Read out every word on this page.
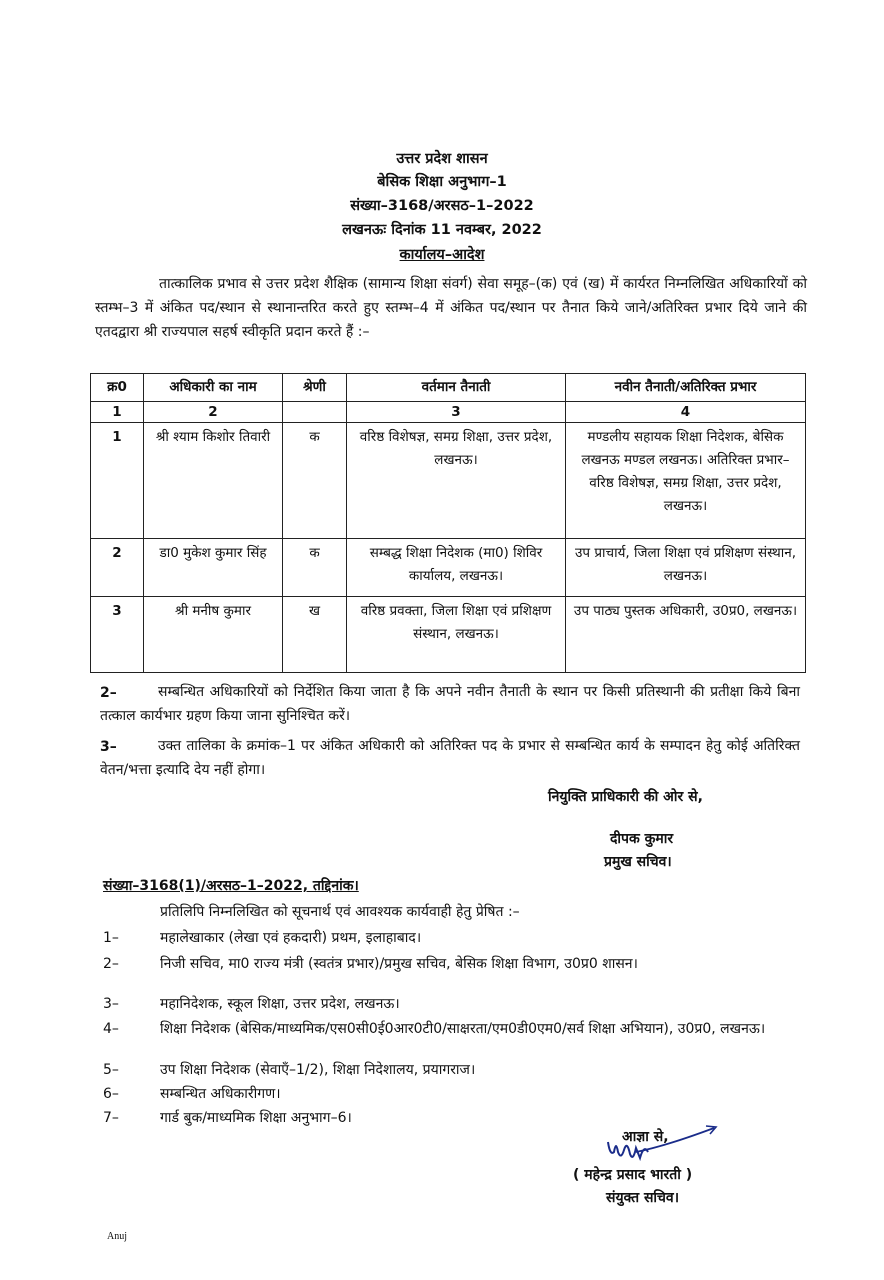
उत्तर प्रदेश शासन
बेसिक शिक्षा अनुभाग–1
संख्या–3168/अरसठ–1–2022
लखनऊः दिनांक 11 नवम्बर, 2022
कार्यालय–आदेश
तात्कालिक प्रभाव से उत्तर प्रदेश शैक्षिक (सामान्य शिक्षा संवर्ग) सेवा समूह–(क) एवं (ख) में कार्यरत निम्नलिखित अधिकारियों को स्तम्भ–3 में अंकित पद/स्थान से स्थानान्तरित करते हुए स्तम्भ–4 में अंकित पद/स्थान पर तैनात किये जाने/अतिरिक्त प्रभार दिये जाने की एतदद्वारा श्री राज्यपाल सहर्ष स्वीकृति प्रदान करते हैं :–
क्र0	अधिकारी का नाम	श्रेणी	वर्तमान तैनाती	नवीन तैनाती/अतिरिक्त प्रभार
1	2		3	4
1	श्री श्याम किशोर तिवारी	क	वरिष्ठ विशेषज्ञ, समग्र शिक्षा, उत्तर प्रदेश, लखनऊ।	मण्डलीय सहायक शिक्षा निदेशक, बेसिक लखनऊ मण्डल लखनऊ। अतिरिक्त प्रभार– वरिष्ठ विशेषज्ञ, समग्र शिक्षा, उत्तर प्रदेश, लखनऊ।
2	डा0 मुकेश कुमार सिंह	क	सम्बद्ध शिक्षा निदेशक (मा0) शिविर कार्यालय, लखनऊ।	उप प्राचार्य, जिला शिक्षा एवं प्रशिक्षण संस्थान, लखनऊ।
3	श्री मनीष कुमार	ख	वरिष्ठ प्रवक्ता, जिला शिक्षा एवं प्रशिक्षण संस्थान, लखनऊ।	उप पाठ्य पुस्तक अधिकारी, उ0प्र0, लखनऊ।
2–	सम्बन्धित अधिकारियों को निर्देशित किया जाता है कि अपने नवीन तैनाती के स्थान पर किसी प्रतिस्थानी की प्रतीक्षा किये बिना तत्काल कार्यभार ग्रहण किया जाना सुनिश्चित करें।
3–	उक्त तालिका के क्रमांक–1 पर अंकित अधिकारी को अतिरिक्त पद के प्रभार से सम्बन्धित कार्य के सम्पादन हेतु कोई अतिरिक्त वेतन/भत्ता इत्यादि देय नहीं होगा।
नियुक्ति प्राधिकारी की ओर से,
दीपक कुमार
प्रमुख सचिव।
संख्या–3168(1)/अरसठ–1–2022, तद्दिनांक।
प्रतिलिपि निम्नलिखित को सूचनार्थ एवं आवश्यक कार्यवाही हेतु प्रेषित :–
1–	महालेखाकार (लेखा एवं हकदारी) प्रथम, इलाहाबाद।
2–	निजी सचिव, मा0 राज्य मंत्री (स्वतंत्र प्रभार)/प्रमुख सचिव, बेसिक शिक्षा विभाग, उ0प्र0 शासन।
3–	महानिदेशक, स्कूल शिक्षा, उत्तर प्रदेश, लखनऊ।
4–	शिक्षा निदेशक (बेसिक/माध्यमिक/एस0सी0ई0आर0टी0/साक्षरता/एम0डी0एम0/सर्व शिक्षा अभियान), उ0प्र0, लखनऊ।
5–	उप शिक्षा निदेशक (सेवाएँ–1/2), शिक्षा निदेशालय, प्रयागराज।
6–	सम्बन्धित अधिकारीगण।
7–	गार्ड बुक/माध्यमिक शिक्षा अनुभाग–6।
आज्ञा से,
( महेन्द्र प्रसाद भारती )
संयुक्त सचिव।
Anuj
